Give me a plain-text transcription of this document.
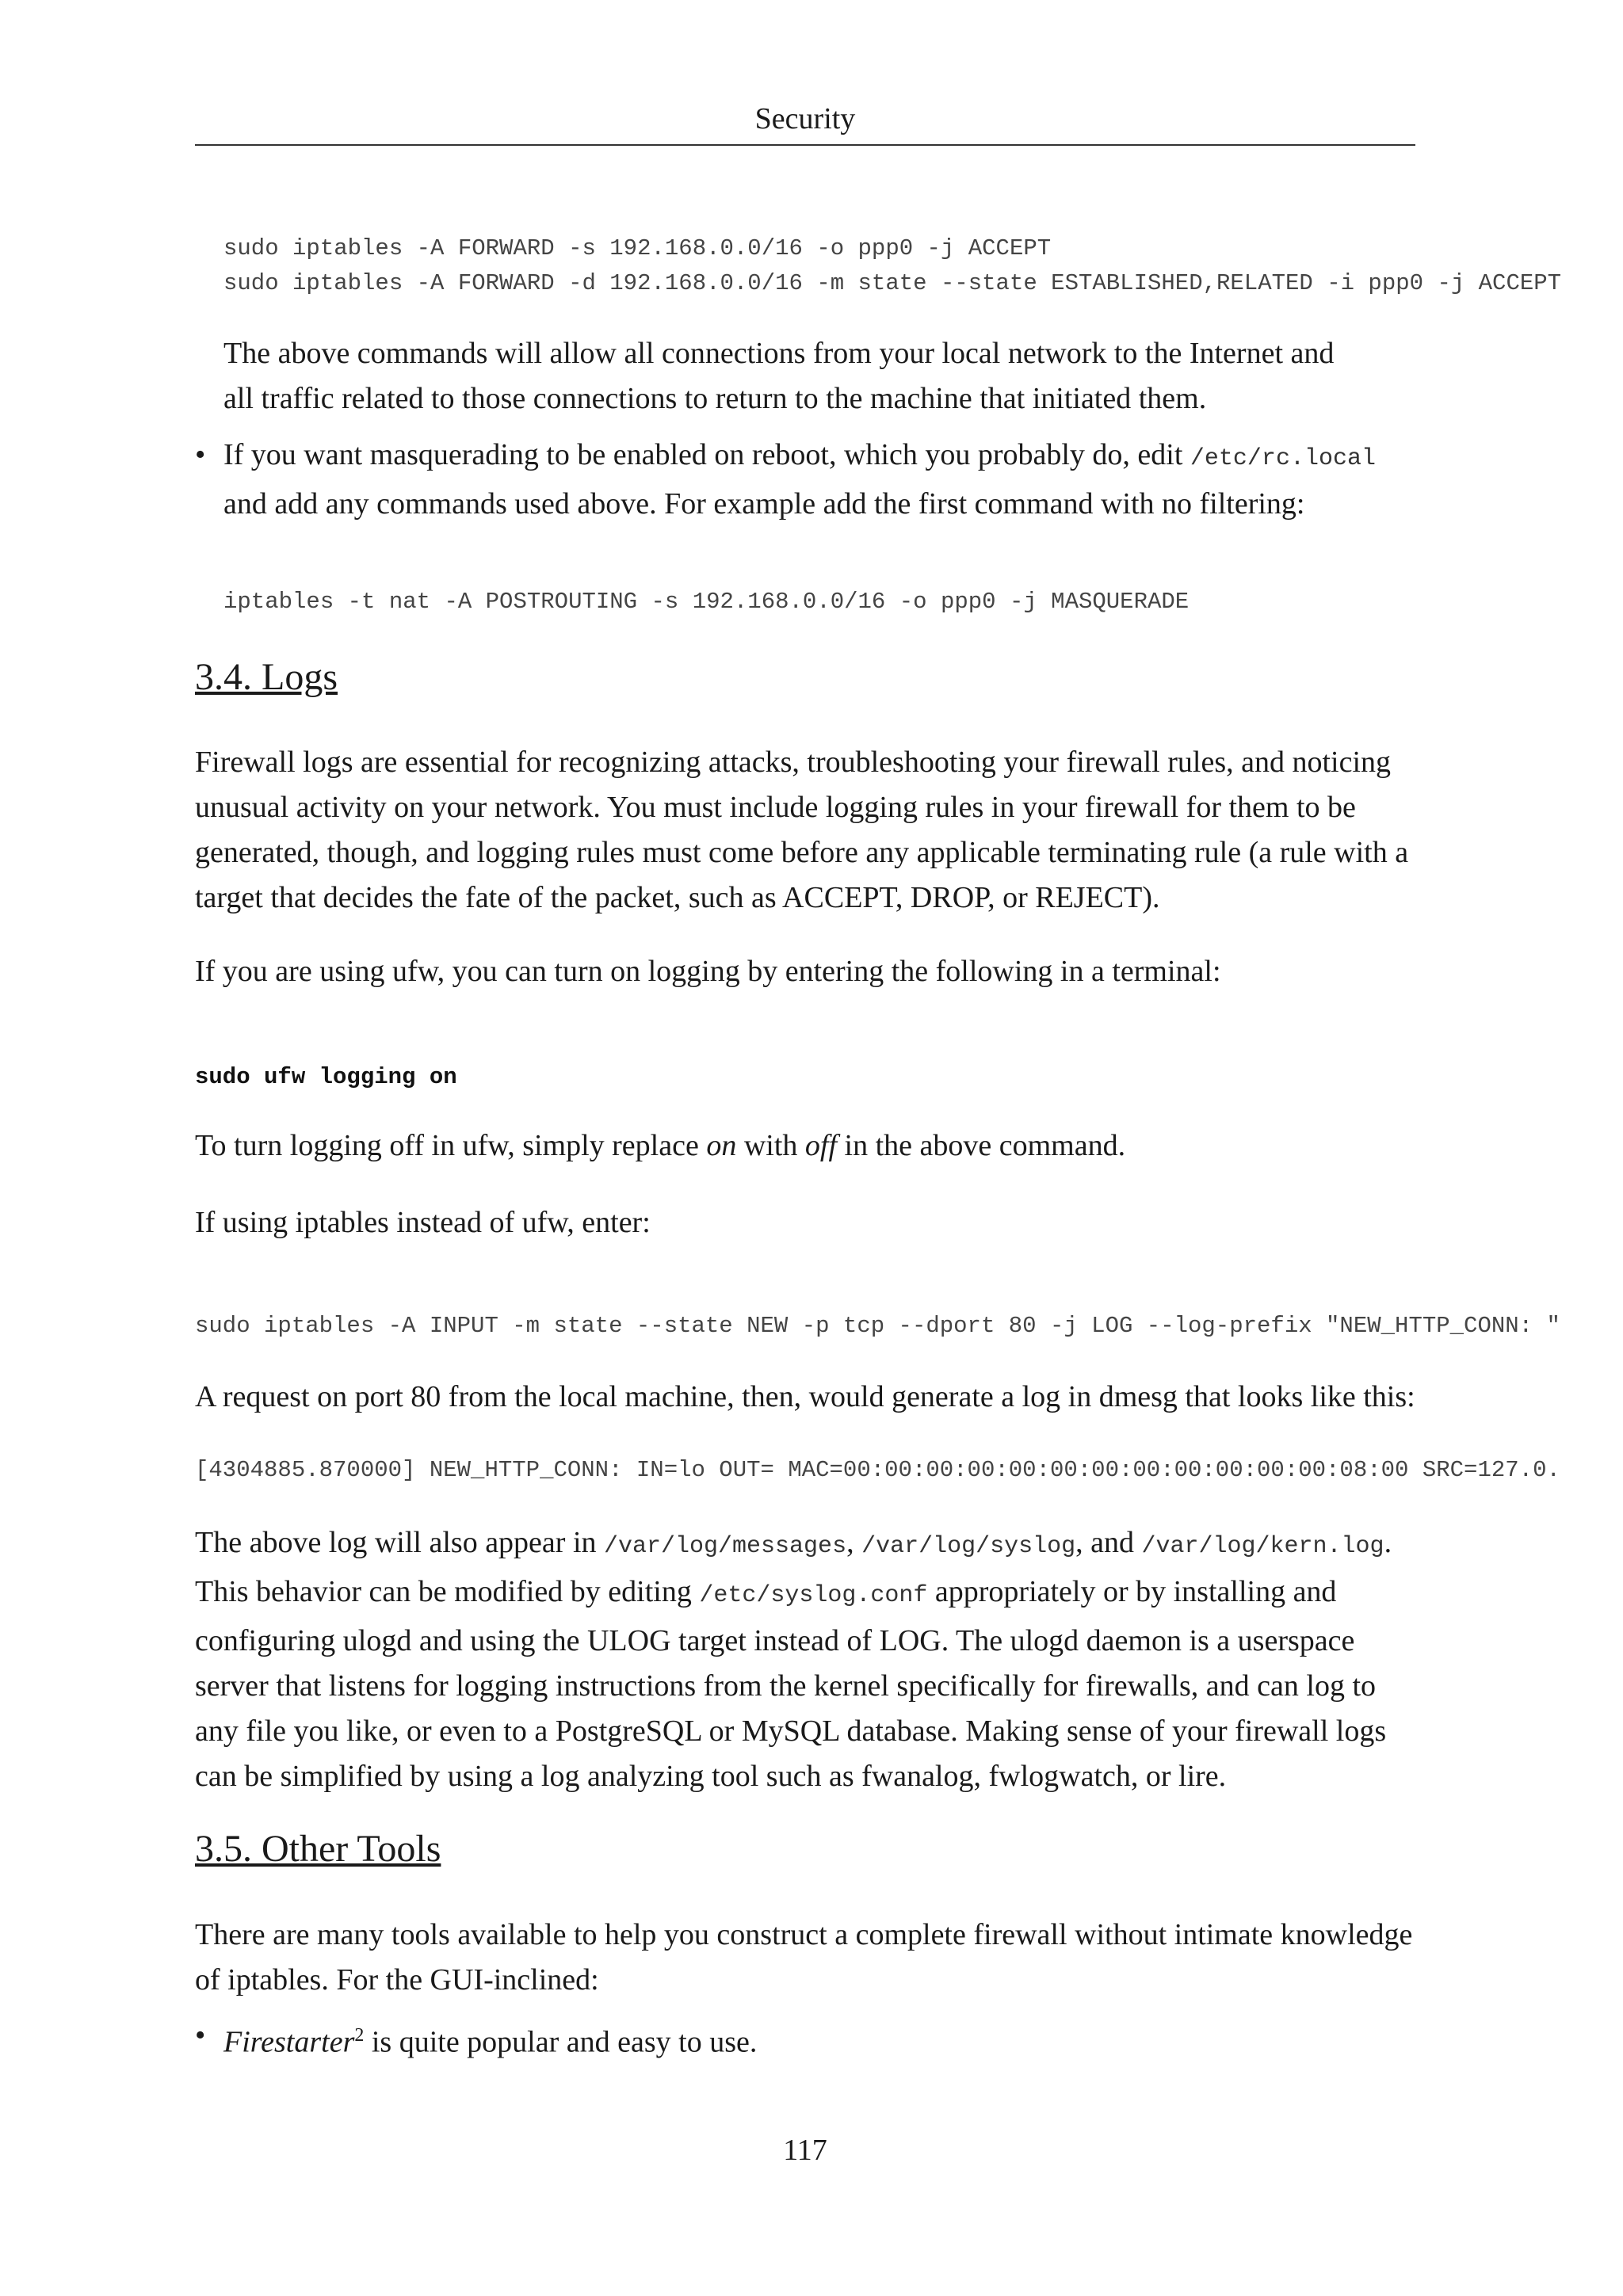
Security

sudo iptables -A FORWARD -s 192.168.0.0/16 -o ppp0 -j ACCEPT

sudo iptables -A FORWARD -d 192.168.0.0/16 -m state --state ESTABLISHED,RELATED -i ppp0 -j ACCEPT

The above commands will allow all connections from your local network to the Internet and all traffic related to those connections to return to the machine that initiated them.

• If you want masquerading to be enabled on reboot, which you probably do, edit /etc/rc.local and add any commands used above. For example add the first command with no filtering:

iptables -t nat -A POSTROUTING -s 192.168.0.0/16 -o ppp0 -j MASQUERADE

3.4. Logs

Firewall logs are essential for recognizing attacks, troubleshooting your firewall rules, and noticing unusual activity on your network. You must include logging rules in your firewall for them to be generated, though, and logging rules must come before any applicable terminating rule (a rule with a target that decides the fate of the packet, such as ACCEPT, DROP, or REJECT).

If you are using ufw, you can turn on logging by entering the following in a terminal:

sudo ufw logging on

To turn logging off in ufw, simply replace on with off in the above command.

If using iptables instead of ufw, enter:

sudo iptables -A INPUT -m state --state NEW -p tcp --dport 80 -j LOG --log-prefix "NEW_HTTP_CONN: "

A request on port 80 from the local machine, then, would generate a log in dmesg that looks like this:

[4304885.870000] NEW_HTTP_CONN: IN=lo OUT= MAC=00:00:00:00:00:00:00:00:00:00:00:00:08:00 SRC=127.0.

The above log will also appear in /var/log/messages, /var/log/syslog, and /var/log/kern.log. This behavior can be modified by editing /etc/syslog.conf appropriately or by installing and configuring ulogd and using the ULOG target instead of LOG. The ulogd daemon is a userspace server that listens for logging instructions from the kernel specifically for firewalls, and can log to any file you like, or even to a PostgreSQL or MySQL database. Making sense of your firewall logs can be simplified by using a log analyzing tool such as fwanalog, fwlogwatch, or lire.

3.5. Other Tools

There are many tools available to help you construct a complete firewall without intimate knowledge of iptables. For the GUI-inclined:

• Firestarter$^2$ is quite popular and easy to use.

117
